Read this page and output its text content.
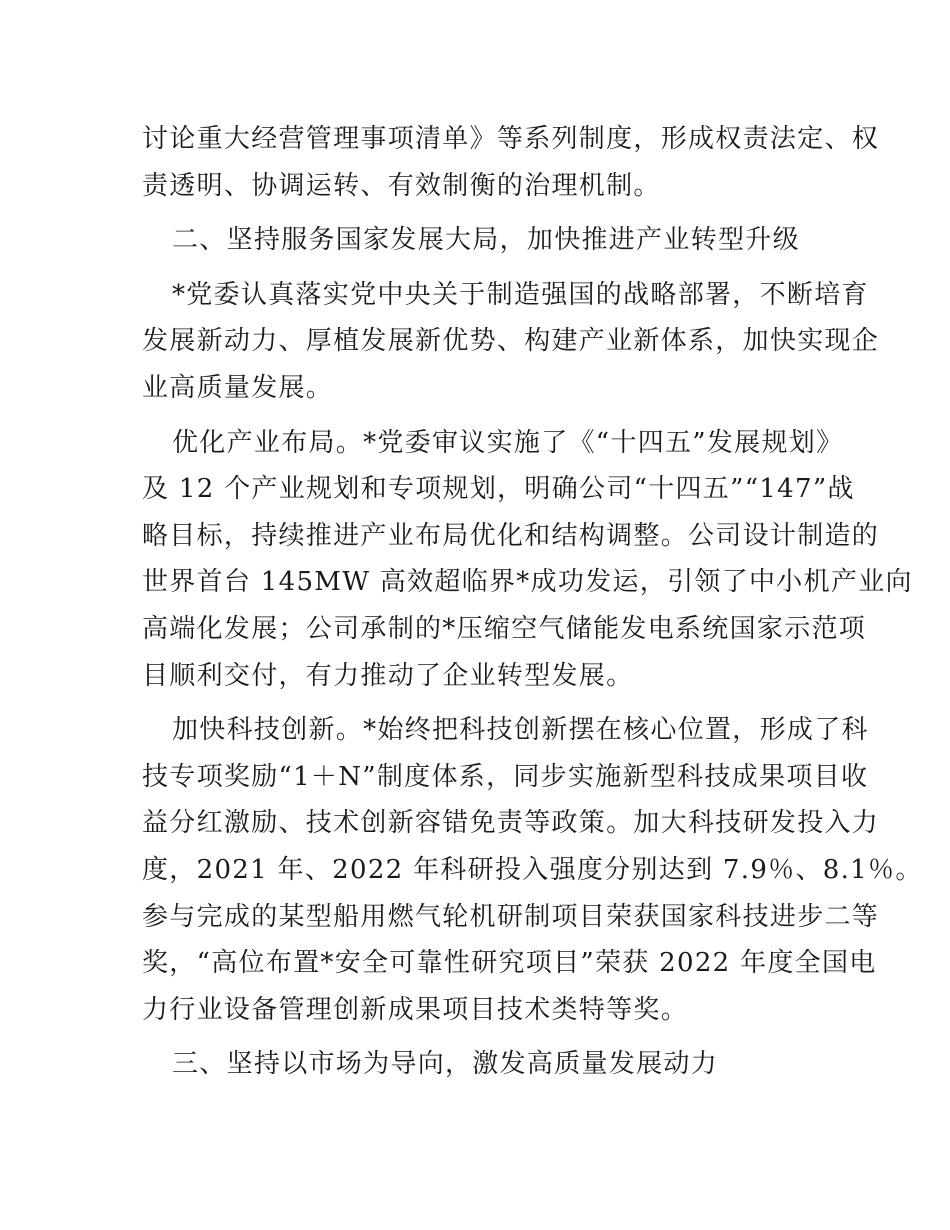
讨论重大经营管理事项清单》等系列制度，形成权责法定、权
责透明、协调运转、有效制衡的治理机制。
二、坚持服务国家发展大局，加快推进产业转型升级
*党委认真落实党中央关于制造强国的战略部署，不断培育
发展新动力、厚植发展新优势、构建产业新体系，加快实现企
业高质量发展。
优化产业布局。*党委审议实施了《“十四五”发展规划》
及 12 个产业规划和专项规划，明确公司“十四五”“147”战
略目标，持续推进产业布局优化和结构调整。公司设计制造的
世界首台 145MW 高效超临界*成功发运，引领了中小机产业向
高端化发展；公司承制的*压缩空气储能发电系统国家示范项
目顺利交付，有力推动了企业转型发展。
加快科技创新。*始终把科技创新摆在核心位置，形成了科
技专项奖励“1＋N”制度体系，同步实施新型科技成果项目收
益分红激励、技术创新容错免责等政策。加大科技研发投入力
度，2021 年、2022 年科研投入强度分别达到 7.9％、8.1％。
参与完成的某型船用燃气轮机研制项目荣获国家科技进步二等
奖，“高位布置*安全可靠性研究项目”荣获 2022 年度全国电
力行业设备管理创新成果项目技术类特等奖。
三、坚持以市场为导向，激发高质量发展动力
